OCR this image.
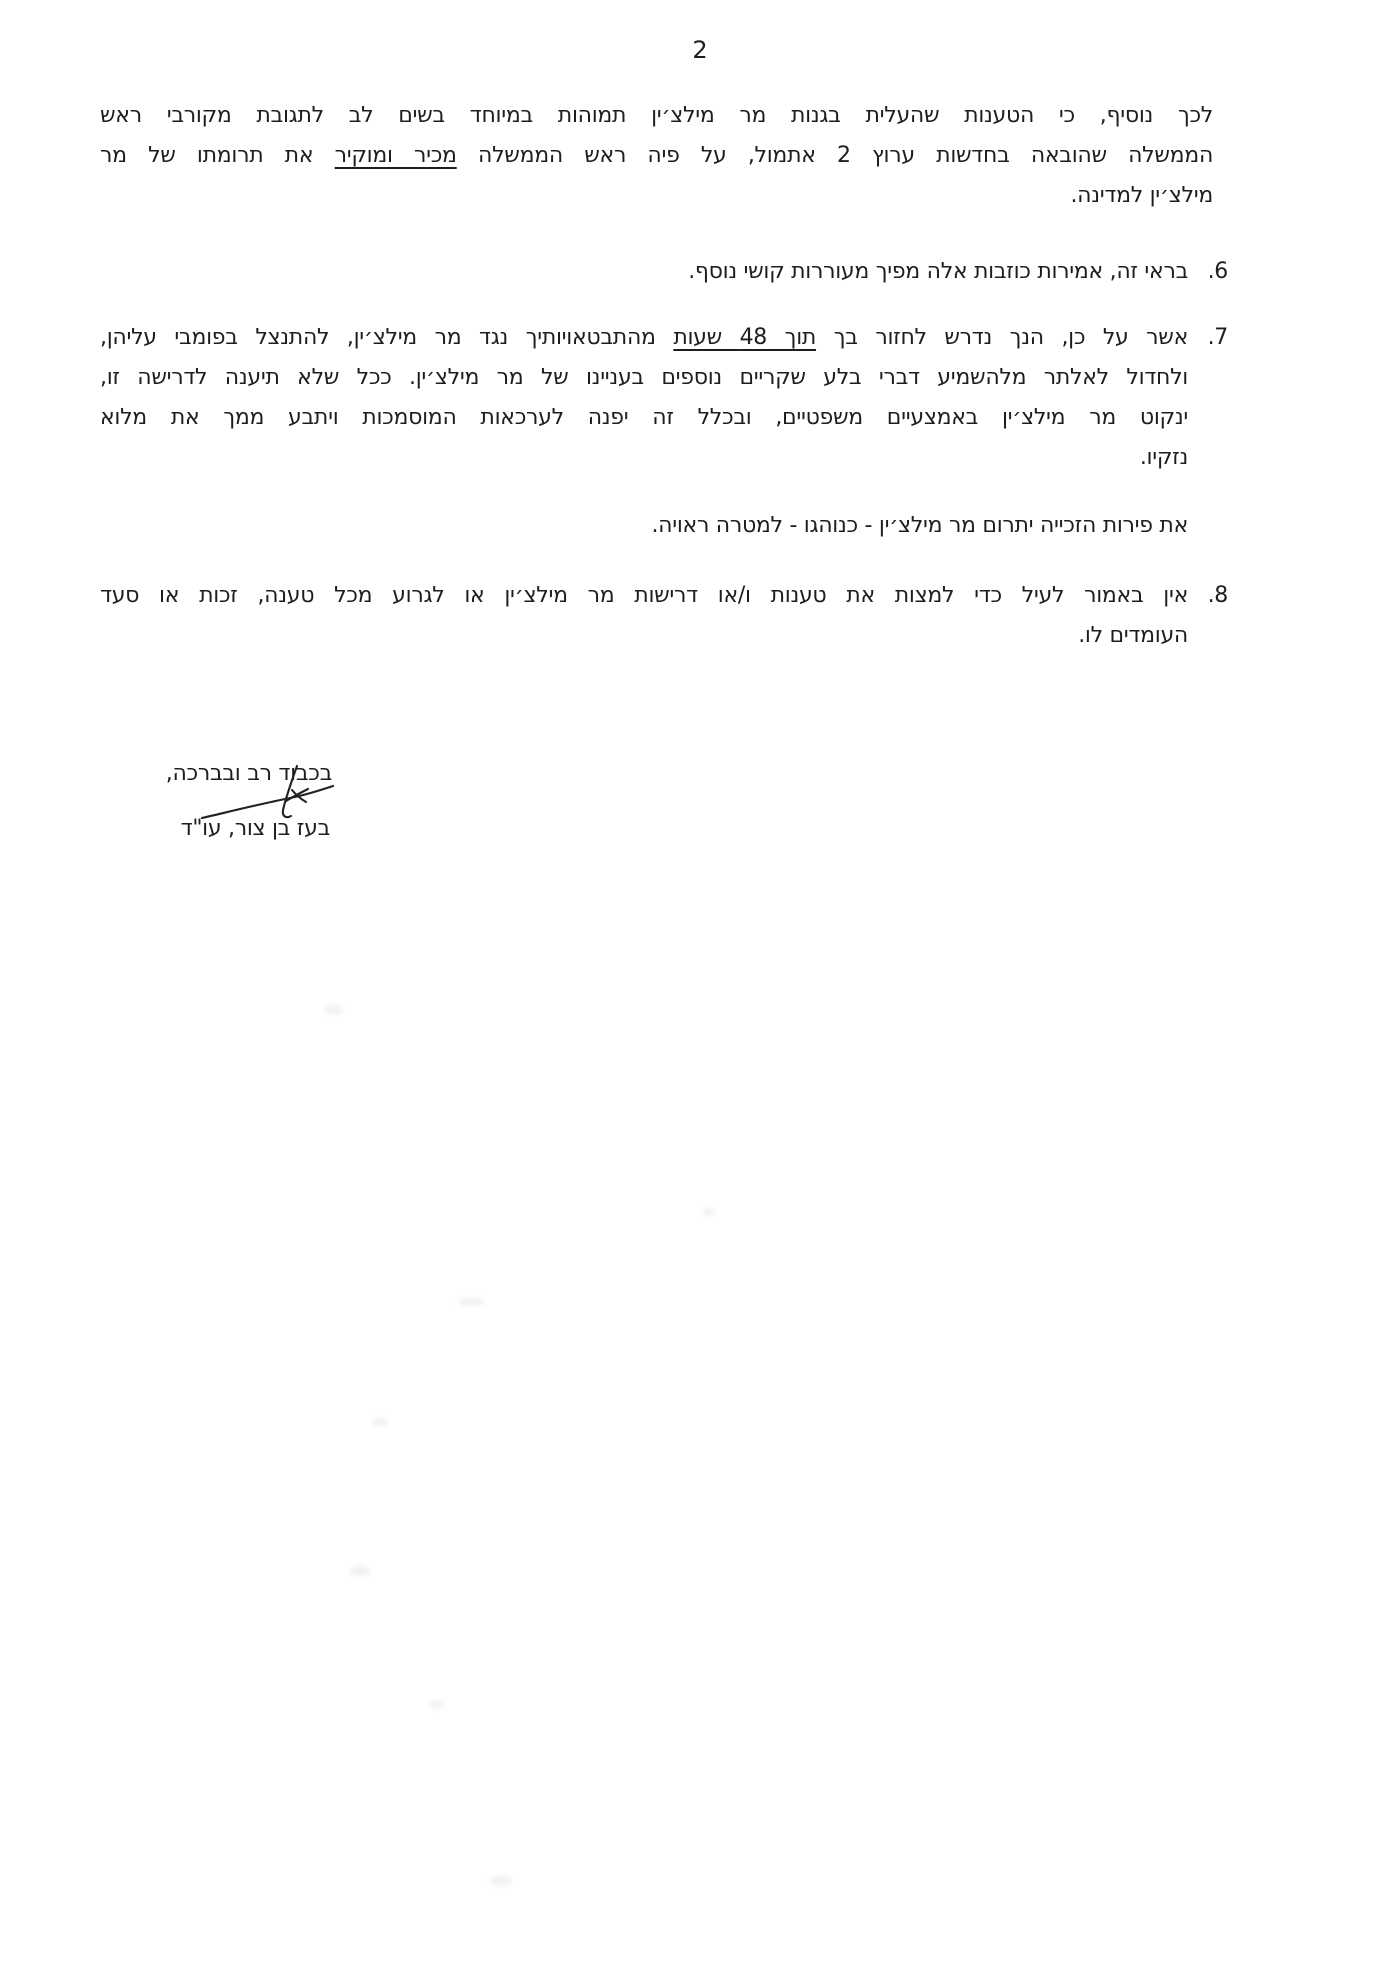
2
לכך נוסיף, כי הטענות שהעלית בגנות מר מילצ׳ין תמוהות במיוחד בשים לב לתגובת מקורבי ראש
הממשלה שהובאה בחדשות ערוץ 2 אתמול, על פיה ראש הממשלה מכיר ומוקיר את תרומתו של מר
מילצ׳ין למדינה.
6.
בראי זה, אמירות כוזבות אלה מפיך מעוררות קושי נוסף.
7.
אשר על כן, הנך נדרש לחזור בך תוך 48 שעות מהתבטאויותיך נגד מר מילצ׳ין, להתנצל בפומבי עליהן,
ולחדול לאלתר מלהשמיע דברי בלע שקריים נוספים בעניינו של מר מילצ׳ין. ככל שלא תיענה לדרישה זו,
ינקוט מר מילצ׳ין באמצעיים משפטיים, ובכלל זה יפנה לערכאות המוסמכות ויתבע ממך את מלוא
נזקיו.
את פירות הזכייה יתרום מר מילצ׳ין - כנוהגו - למטרה ראויה.
8.
אין באמור לעיל כדי למצות את טענות ו/או דרישות מר מילצ׳ין או לגרוע מכל טענה, זכות או סעד
העומדים לו.
בכבוד רב ובברכה,
בעז בן צור, עו"ד
